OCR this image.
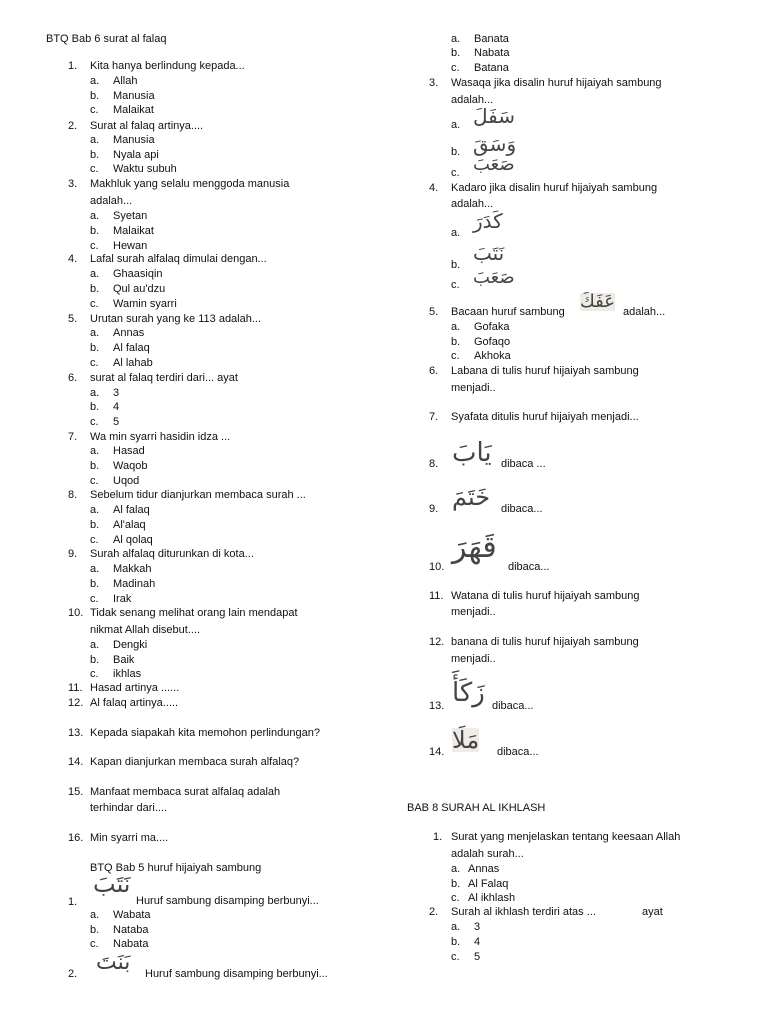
BTQ Bab 6 surat al falaq
1. Kita hanya berlindung kepada...
a. Allah
b. Manusia
c. Malaikat
2. Surat al falaq artinya....
a. Manusia
b. Nyala api
c. Waktu subuh
3. Makhluk yang selalu menggoda manusia
adalah...
a. Syetan
b. Malaikat
c. Hewan
4. Lafal surah alfalaq dimulai dengan...
a. Ghaasiqin
b. Qul au'dzu
c. Wamin syarri
5. Urutan surah yang ke 113 adalah...
a. Annas
b. Al falaq
c. Al lahab
6. surat al falaq terdiri dari... ayat
a. 3
b. 4
c. 5
7. Wa min syarri hasidin idza ...
a. Hasad
b. Waqob
c. Uqod
8. Sebelum tidur dianjurkan membaca surah ...
a. Al falaq
b. Al'alaq
c. Al qolaq
9. Surah alfalaq diturunkan di kota...
a. Makkah
b. Madinah
c. Irak
10. Tidak senang melihat orang lain mendapat
nikmat Allah disebut....
a. Dengki
b. Baik
c. ikhlas
11. Hasad artinya ......
12. Al falaq artinya.....
13. Kepada siapakah kita memohon perlindungan?
14. Kapan dianjurkan membaca surah alfalaq?
15. Manfaat membaca surat alfalaq adalah
terhindar dari....
16. Min syarri ma....
BTQ Bab 5 huruf hijaiyah sambung
1.
نَتَبَ
Huruf sambung disamping berbunyi...
a. Wabata
b. Nataba
c. Nabata
2. بَنَتَ Huruf sambung disamping berbunyi...
a. Banata
b. Nabata
c. Batana
3. Wasaqa jika disalin huruf hijaiyah sambung
adalah...
a. سَفَلَ
b. وَسَقَ
c. صَعَبَ
4. Kadaro jika disalin huruf hijaiyah sambung
adalah...
a. كَدَرَ
b. نَتَبَ
c. صَعَبَ
5. Bacaan huruf sambung عَفَكَ adalah...
a. Gofaka
b. Gofaqo
c. Akhoka
6. Labana di tulis huruf hijaiyah sambung
menjadi..
7. Syafata ditulis huruf hijaiyah menjadi...
8. يَابَ dibaca ...
9. خَتَمَ dibaca...
10.
قَهَرَ
dibaca...
11. Watana di tulis huruf hijaiyah sambung
menjadi..
12. banana di tulis huruf hijaiyah sambung
menjadi..
13. زَكَأَ dibaca...
14. مَلَا dibaca...
BAB 8 SURAH AL IKHLASH
1. Surat yang menjelaskan tentang keesaan Allah
adalah surah...
a. Annas
b. Al Falaq
c. Al ikhlash
2. Surah al ikhlash terdiri atas ...	ayat
a. 3
b. 4
c. 5
